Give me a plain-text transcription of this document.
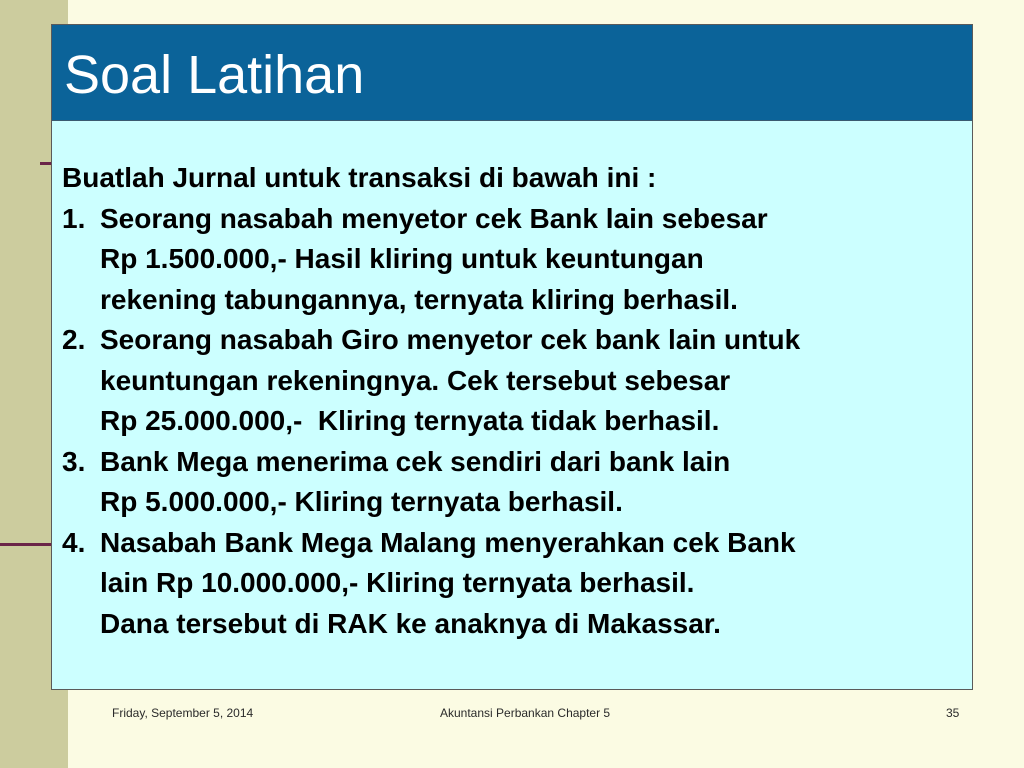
Soal Latihan
Buatlah Jurnal untuk transaksi di bawah ini :
1. Seorang nasabah menyetor cek Bank lain sebesar
Rp 1.500.000,- Hasil kliring untuk keuntungan
rekening tabungannya, ternyata kliring berhasil.
2. Seorang nasabah Giro menyetor cek bank lain untuk
keuntungan rekeningnya. Cek tersebut sebesar
Rp 25.000.000,-  Kliring ternyata tidak berhasil.
3. Bank Mega menerima cek sendiri dari bank lain
Rp 5.000.000,- Kliring ternyata berhasil.
4. Nasabah Bank Mega Malang menyerahkan cek Bank
lain Rp 10.000.000,- Kliring ternyata berhasil.
Dana tersebut di RAK ke anaknya di Makassar.
Friday, September 5, 2014	Akuntansi Perbankan Chapter 5	35
